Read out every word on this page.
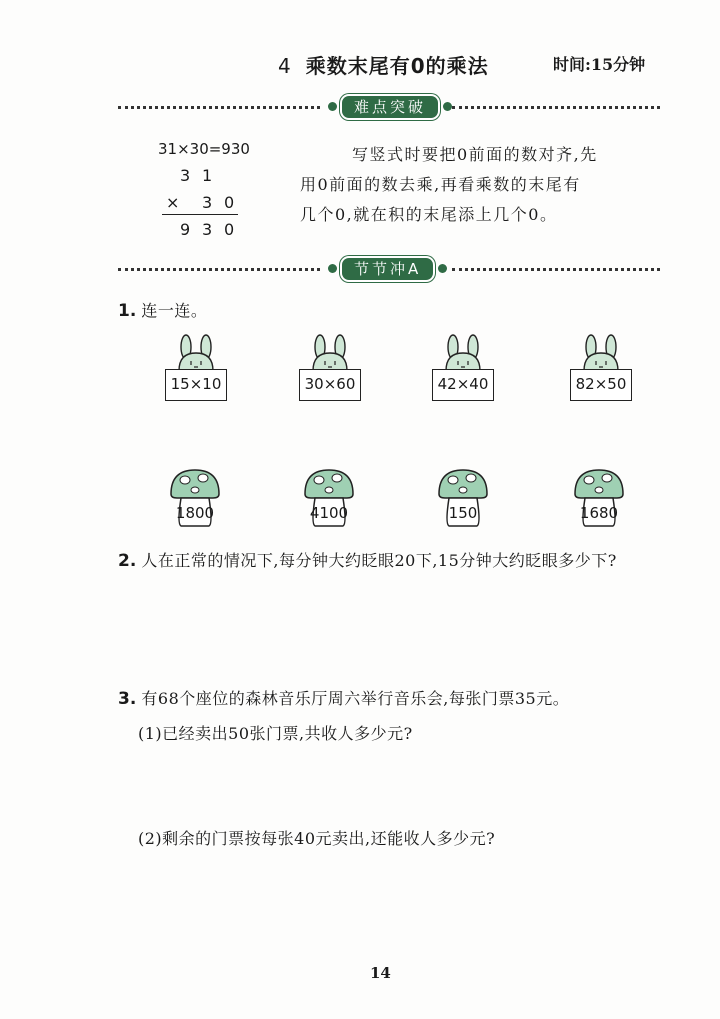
4 乘数末尾有0的乘法	时间:15分钟
难点突破
31×30=930
3 1
× 3 0
9 3 0

写竖式时要把0前面的数对齐,先

用0前面的数去乘,再看乘数的末尾有

几个0,就在积的末尾添上几个0。

节节冲A
1. 连一连。
15×10	30×60	42×40	82×50
1800	4100	150	1680
2. 人在正常的情况下,每分钟大约眨眼20下,15分钟大约眨眼多少下?
3. 有68个座位的森林音乐厅周六举行音乐会,每张门票35元。
(1)已经卖出50张门票,共收人多少元?
(2)剩余的门票按每张40元卖出,还能收人多少元?
14
